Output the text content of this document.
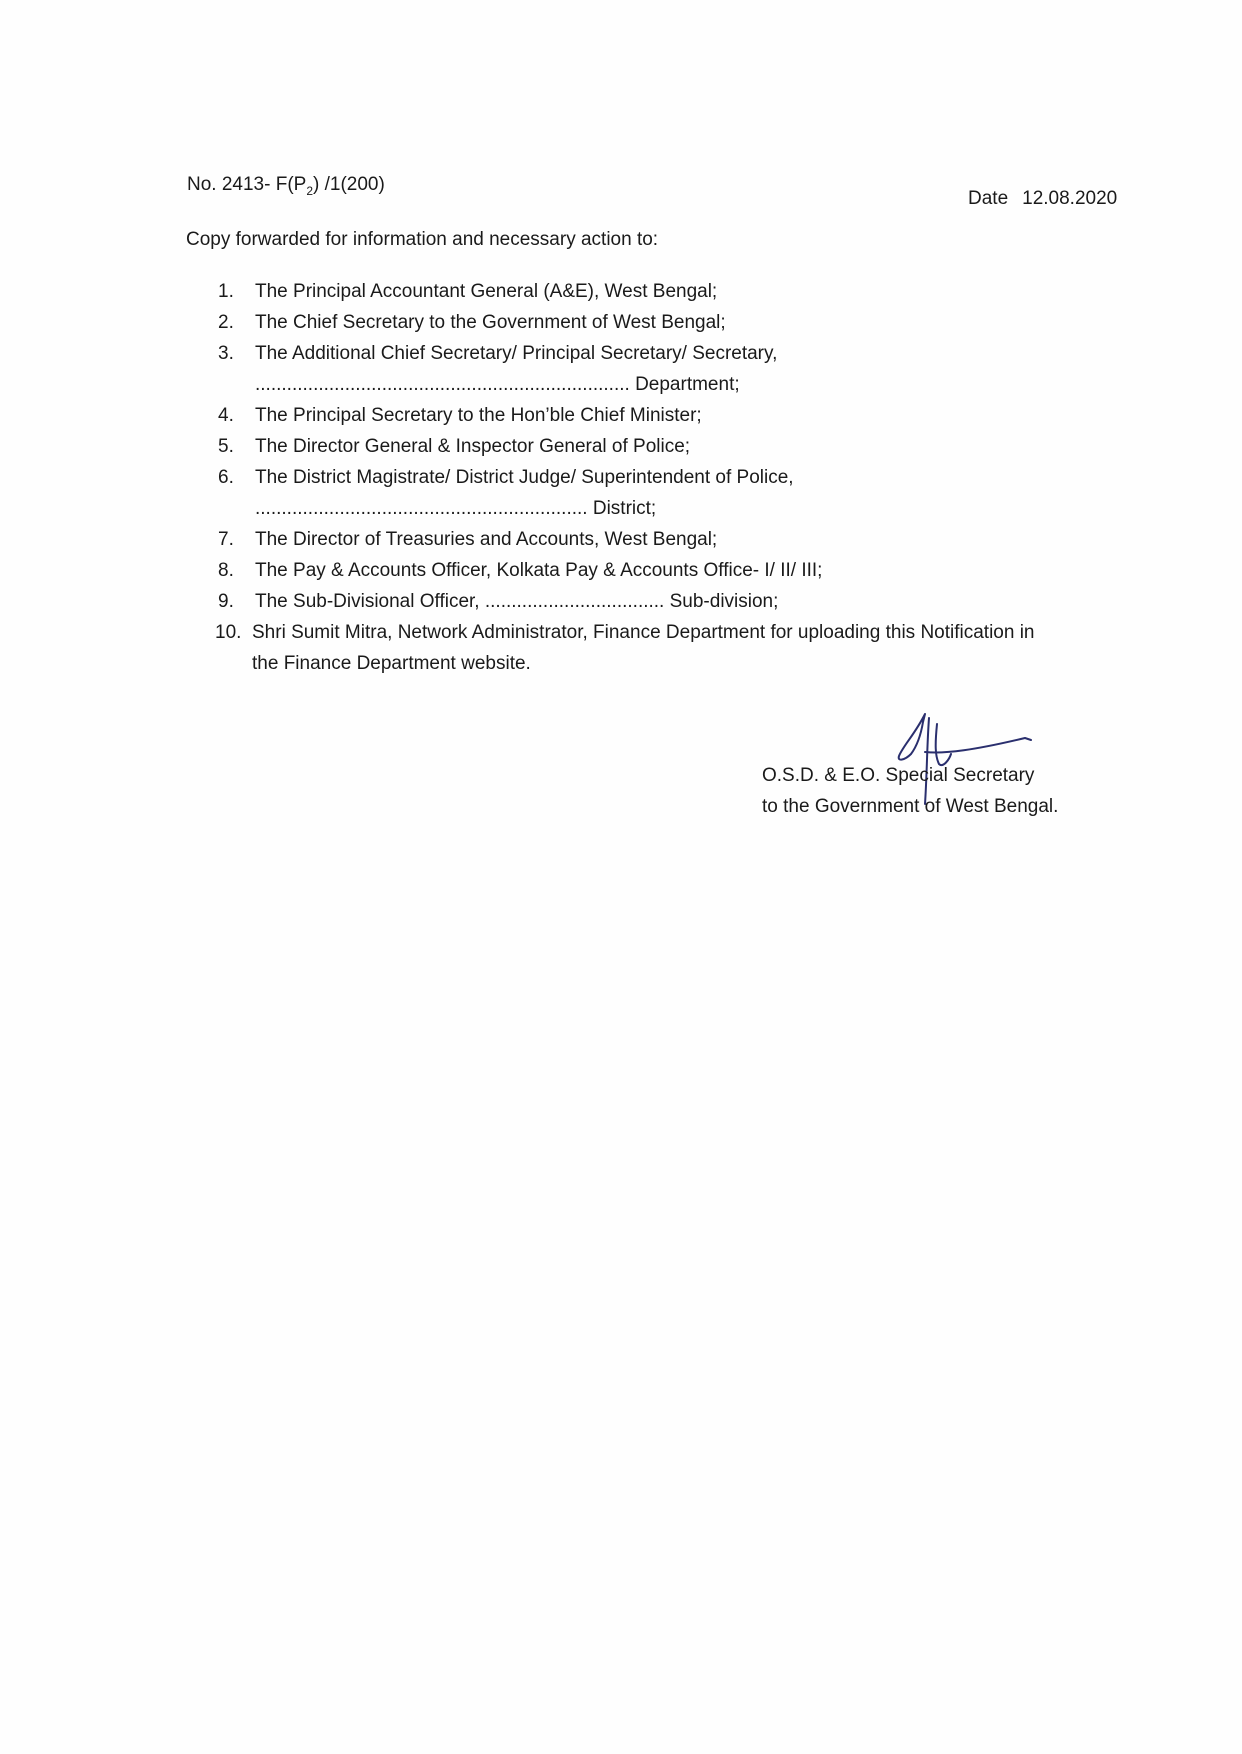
No. 2413- $F(P_2)$ /1(200)
Date 12.08.2020
Copy forwarded for information and necessary action to:
1.	The Principal Accountant General (A&E), West Bengal;
2.	The Chief Secretary to the Government of West Bengal;
3.	The Additional Chief Secretary/ Principal Secretary/ Secretary,
....................................................................... Department;
4.	The Principal Secretary to the Hon’ble Chief Minister;
5.	The Director General & Inspector General of Police;
6.	The District Magistrate/ District Judge/ Superintendent of Police,
............................................................... District;
7.	The Director of Treasuries and Accounts, West Bengal;
8.	The Pay & Accounts Officer, Kolkata Pay & Accounts Office- I/ II/ III;
9.	The Sub-Divisional Officer, .................................. Sub-division;
10. Shri Sumit Mitra, Network Administrator, Finance Department for uploading this Notification in
the Finance Department website.
O.S.D. & E.O. Special Secretary
to the Government of West Bengal.
